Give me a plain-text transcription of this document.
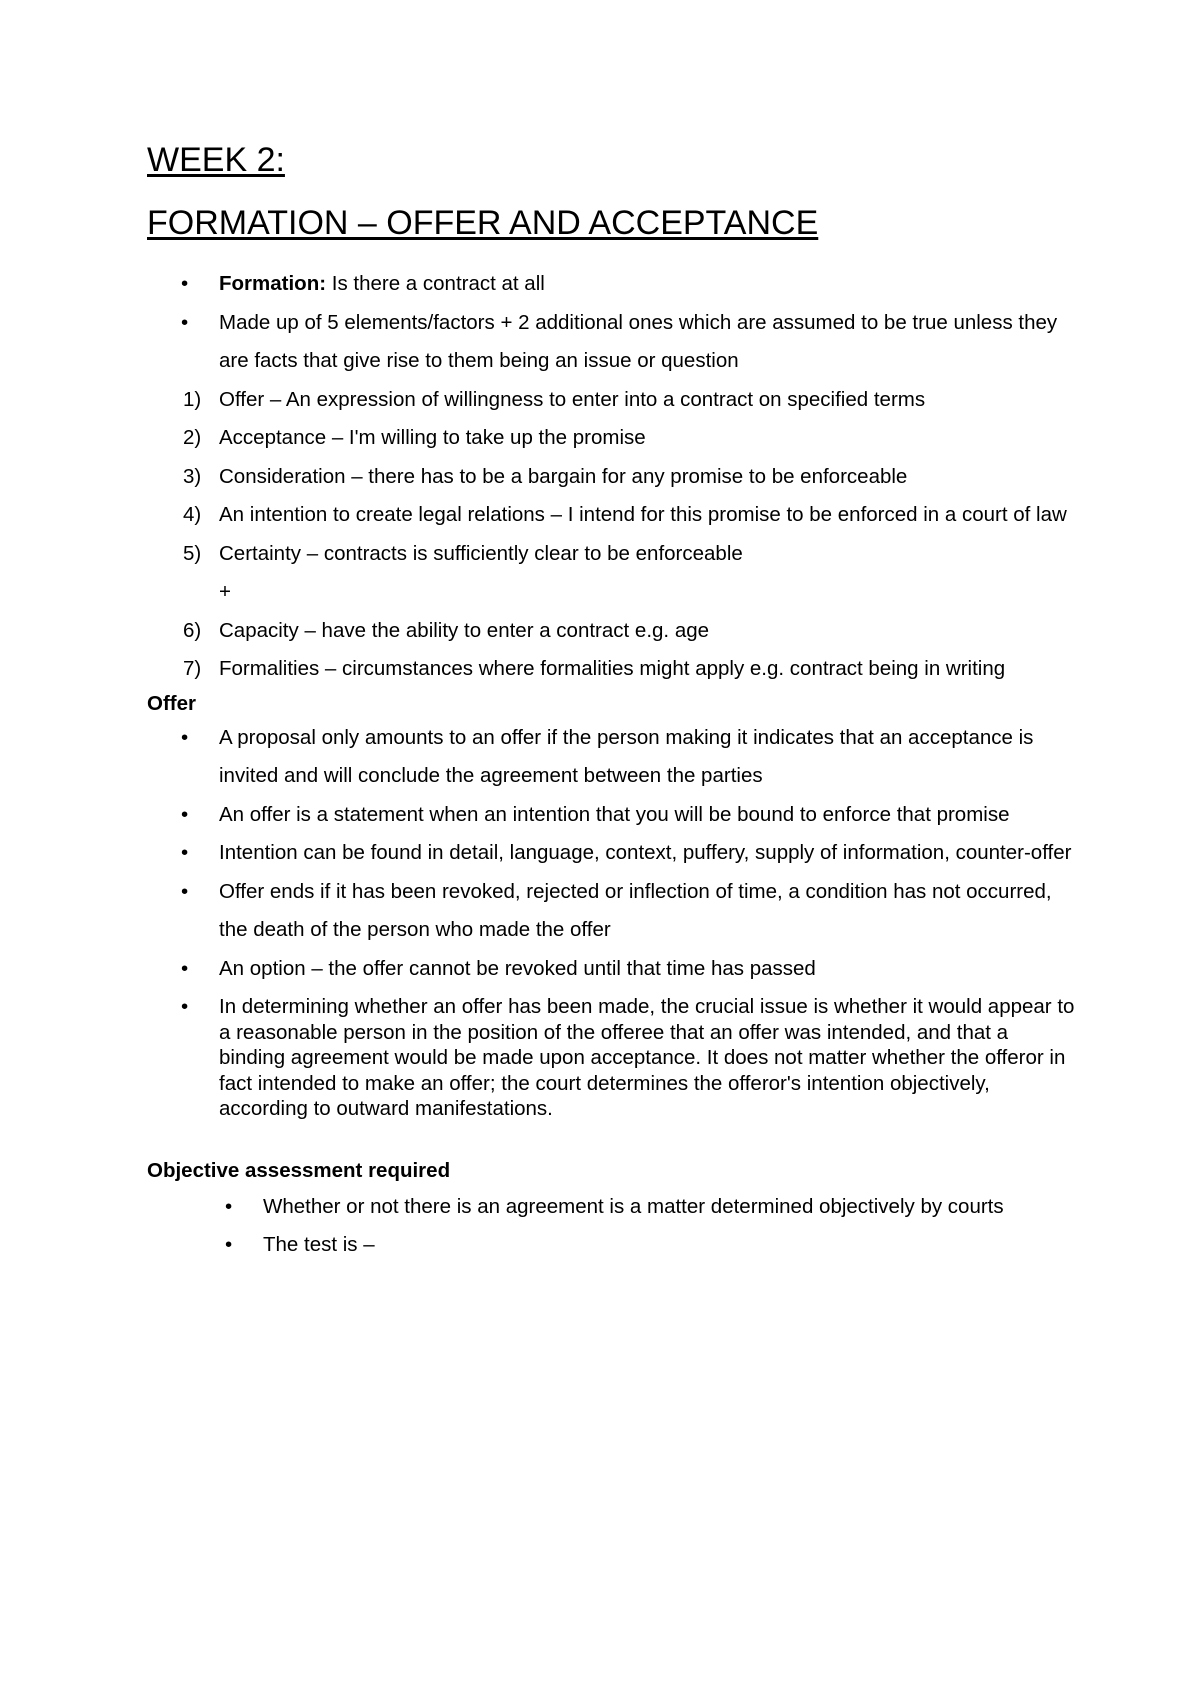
WEEK 2:
FORMATION – OFFER AND ACCEPTANCE
•	Formation: Is there a contract at all
•	Made up of 5 elements/factors + 2 additional ones which are assumed to be true unless they are facts that give rise to them being an issue or question
1) Offer – An expression of willingness to enter into a contract on specified terms
2) Acceptance – I'm willing to take up the promise
3) Consideration – there has to be a bargain for any promise to be enforceable
4) An intention to create legal relations – I intend for this promise to be enforced in a court of law
5) Certainty – contracts is sufficiently clear to be enforceable
+
6) Capacity – have the ability to enter a contract e.g. age
7) Formalities – circumstances where formalities might apply e.g. contract being in writing
Offer
•	A proposal only amounts to an offer if the person making it indicates that an acceptance is invited and will conclude the agreement between the parties
•	An offer is a statement when an intention that you will be bound to enforce that promise
•	Intention can be found in detail, language, context, puffery, supply of information, counter-offer
•	Offer ends if it has been revoked, rejected or inflection of time, a condition has not occurred, the death of the person who made the offer
•	An option – the offer cannot be revoked until that time has passed
•	In determining whether an offer has been made, the crucial issue is whether it would appear to a reasonable person in the position of the offeree that an offer was intended, and that a binding agreement would be made upon acceptance. It does not matter whether the offeror in fact intended to make an offer; the court determines the offeror's intention objectively, according to outward manifestations.
Objective assessment required
•	Whether or not there is an agreement is a matter determined objectively by courts
•	The test is –
